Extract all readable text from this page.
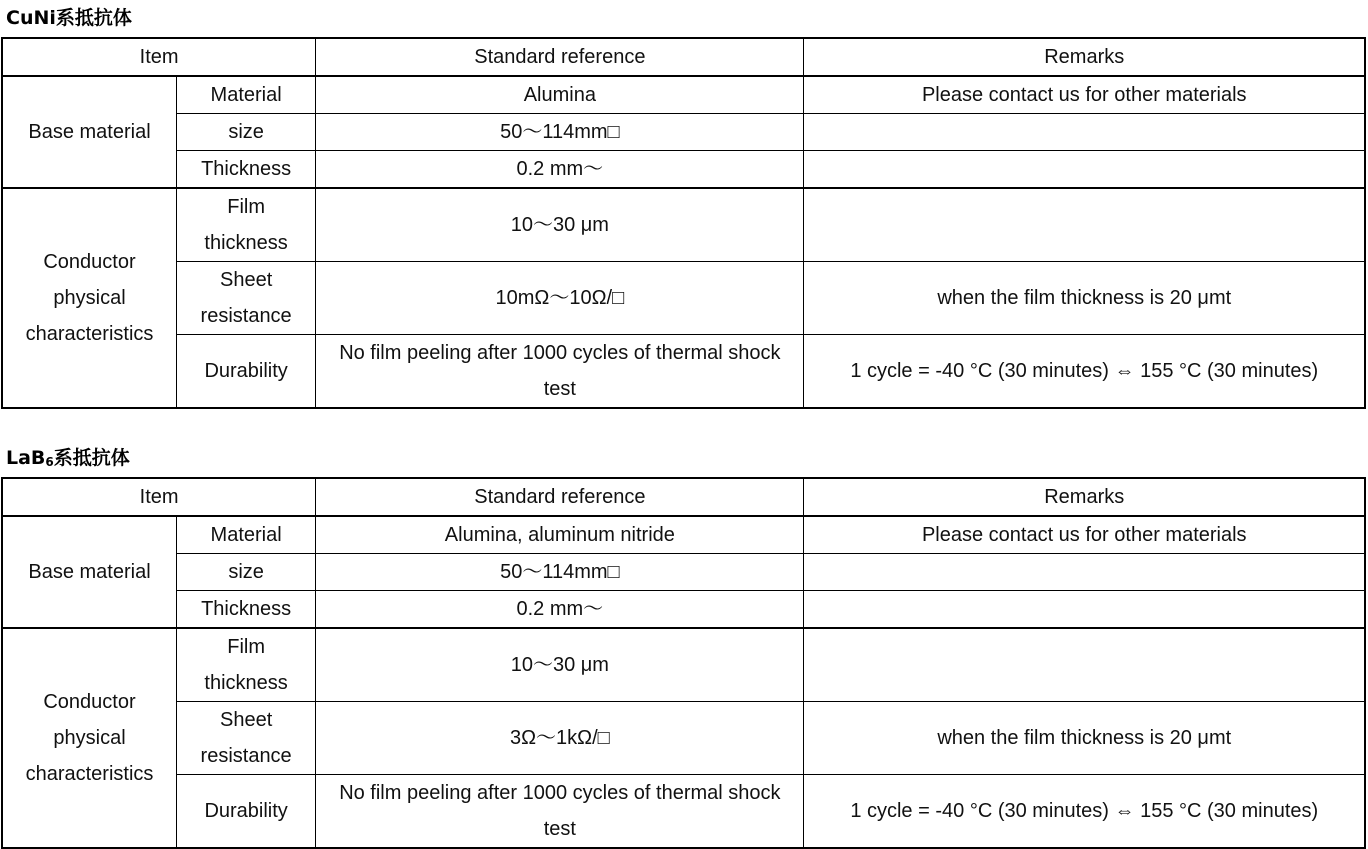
CuNi系抵抗体
Item		Standard reference	Remarks
Base material	Material	Alumina	Please contact us for other materials
	size	50～114mm□	
	Thickness	0.2 mm～	
Conductor physical characteristics	Film thickness	10～30 μm	
	Sheet resistance	10mΩ～10Ω/□	when the film thickness is 20 μmt
	Durability	No film peeling after 1000 cycles of thermal shock test	1 cycle = -40 °C (30 minutes) ⇔ 155 °C (30 minutes)
LaB$_6$系抵抗体
Item		Standard reference	Remarks
Base material	Material	Alumina, aluminum nitride	Please contact us for other materials
	size	50～114mm□	
	Thickness	0.2 mm～	
Conductor physical characteristics	Film thickness	10～30 μm	
	Sheet resistance	3Ω～1kΩ/□	when the film thickness is 20 μmt
	Durability	No film peeling after 1000 cycles of thermal shock test	1 cycle = -40 °C (30 minutes) ⇔ 155 °C (30 minutes)
